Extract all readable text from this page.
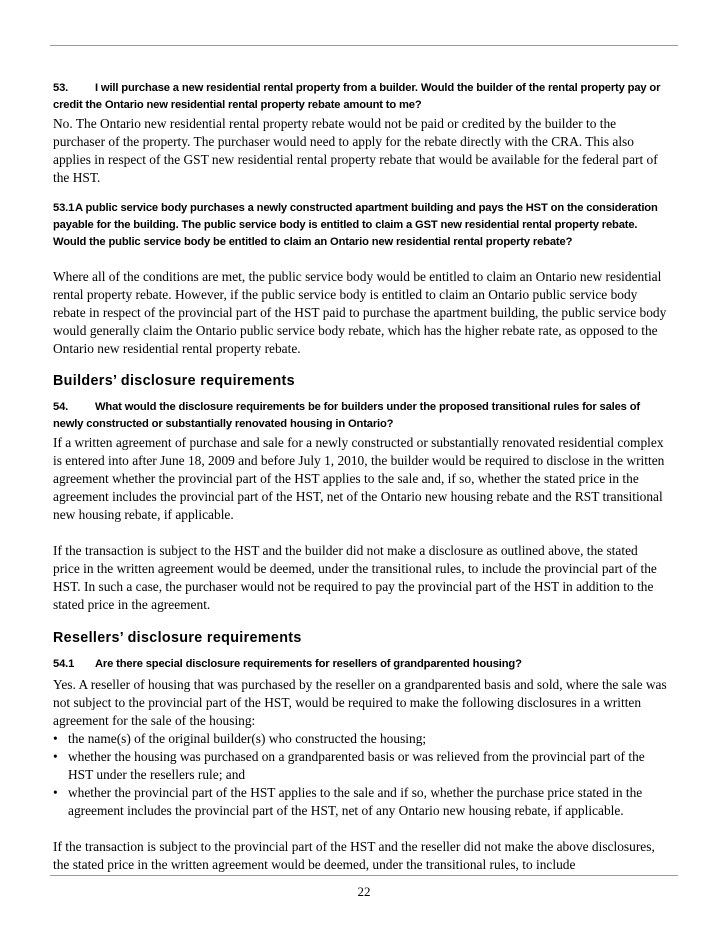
53. I will purchase a new residential rental property from a builder. Would the builder of the rental property pay or credit the Ontario new residential rental property rebate amount to me?
No. The Ontario new residential rental property rebate would not be paid or credited by the builder to the purchaser of the property. The purchaser would need to apply for the rebate directly with the CRA. This also applies in respect of the GST new residential rental property rebate that would be available for the federal part of the HST.
53.1A public service body purchases a newly constructed apartment building and pays the HST on the consideration payable for the building. The public service body is entitled to claim a GST new residential rental property rebate. Would the public service body be entitled to claim an Ontario new residential rental property rebate?
Where all of the conditions are met, the public service body would be entitled to claim an Ontario new residential rental property rebate. However, if the public service body is entitled to claim an Ontario public service body rebate in respect of the provincial part of the HST paid to purchase the apartment building, the public service body would generally claim the Ontario public service body rebate, which has the higher rebate rate, as opposed to the Ontario new residential rental property rebate.
Builders’ disclosure requirements
54. What would the disclosure requirements be for builders under the proposed transitional rules for sales of newly constructed or substantially renovated housing in Ontario?
If a written agreement of purchase and sale for a newly constructed or substantially renovated residential complex is entered into after June 18, 2009 and before July 1, 2010, the builder would be required to disclose in the written agreement whether the provincial part of the HST applies to the sale and, if so, whether the stated price in the agreement includes the provincial part of the HST, net of the Ontario new housing rebate and the RST transitional new housing rebate, if applicable.
If the transaction is subject to the HST and the builder did not make a disclosure as outlined above, the stated price in the written agreement would be deemed, under the transitional rules, to include the provincial part of the HST. In such a case, the purchaser would not be required to pay the provincial part of the HST in addition to the stated price in the agreement.
Resellers’ disclosure requirements
54.1 Are there special disclosure requirements for resellers of grandparented housing?
Yes. A reseller of housing that was purchased by the reseller on a grandparented basis and sold, where the sale was not subject to the provincial part of the HST, would be required to make the following disclosures in a written agreement for the sale of the housing:
• the name(s) of the original builder(s) who constructed the housing;
• whether the housing was purchased on a grandparented basis or was relieved from the provincial part of the HST under the resellers rule; and
• whether the provincial part of the HST applies to the sale and if so, whether the purchase price stated in the agreement includes the provincial part of the HST, net of any Ontario new housing rebate, if applicable.
If the transaction is subject to the provincial part of the HST and the reseller did not make the above disclosures, the stated price in the written agreement would be deemed, under the transitional rules, to include
22
